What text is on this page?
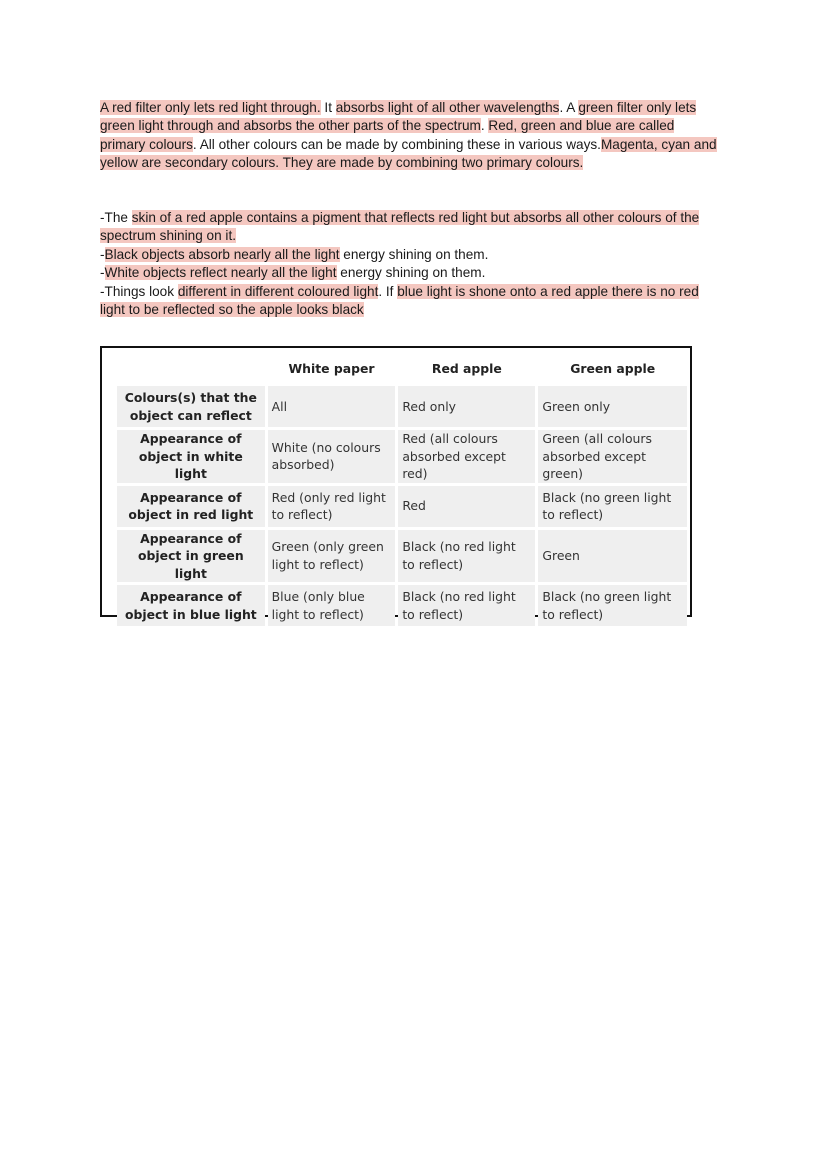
A red filter only lets red light through. It absorbs light of all other wavelengths. A green filter only lets green light through and absorbs the other parts of the spectrum. Red, green and blue are called primary colours. All other colours can be made by combining these in various ways.Magenta, cyan and yellow are secondary colours. They are made by combining two primary colours.

-The skin of a red apple contains a pigment that reflects red light but absorbs all other colours of the spectrum shining on it.

-Black objects absorb nearly all the light energy shining on them.

-White objects reflect nearly all the light energy shining on them.

-Things look different in different coloured light. If blue light is shone onto a red apple there is no red light to be reflected so the apple looks black

	White paper	Red apple	Green apple
Colours(s) that the object can reflect	All	Red only	Green only
Appearance of object in white light	White (no colours absorbed)	Red (all colours absorbed except red)	Green (all colours absorbed except green)
Appearance of object in red light	Red (only red light to reflect)	Red	Black (no green light to reflect)
Appearance of object in green light	Green (only green light to reflect)	Black (no red light to reflect)	Green
Appearance of object in blue light	Blue (only blue light to reflect)	Black (no red light to reflect)	Black (no green light to reflect)
